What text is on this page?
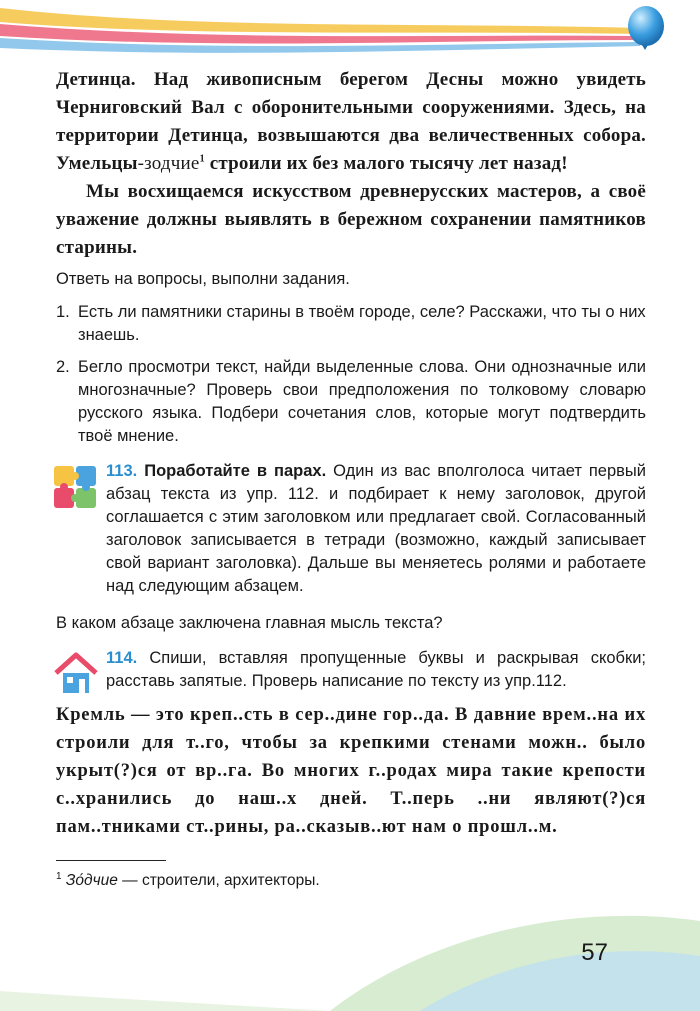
Детинца. Над живописным берегом Десны можно увидеть Черниговский Вал с оборонительными сооружениями. Здесь, на территории Детинца, возвышаются два величественных собора. Умельцы-зодчие$^1$ строили их без малого тысячу лет назад!

Мы восхищаемся искусством древнерусских мастеров, а своё уважение должны выявлять в бережном сохранении памятников старины.

Ответь на вопросы, выполни задания.

1. Есть ли памятники старины в твоём городе, селе? Расскажи, что ты о них знаешь.
2. Бегло просмотри текст, найди выделенные слова. Они однозначные или многозначные? Проверь свои предположения по толковому словарю русского языка. Подбери сочетания слов, которые могут подтвердить твоё мнение.
113. Поработайте в парах. Один из вас вполголоса читает первый абзац текста из упр. 112. и подбирает к нему заголовок, другой соглашается с этим заголовком или предлагает свой. Согласованный заголовок записывается в тетради (возможно, каждый записывает свой вариант заголовка). Дальше вы меняетесь ролями и работаете над следующим абзацем.

В каком абзаце заключена главная мысль текста?

114. Спиши, вставляя пропущенные буквы и раскрывая скобки; расставь запятые. Проверь написание по тексту из упр.112.

Кремль — это креп..сть в сер..дине гор..да. В давние врем..на их строили для т..го, чтобы за крепкими стенами можн.. было укрыт(?)ся от вр..га. Во многих г..родах мира такие крепости с..хранились до наш..х дней. Т..перь ..ни являют(?)ся пам..тниками ст..рины, ра..сказыв..ют нам о прошл..м.

$^1$ Зо́дчие — строители, архитекторы.
57
